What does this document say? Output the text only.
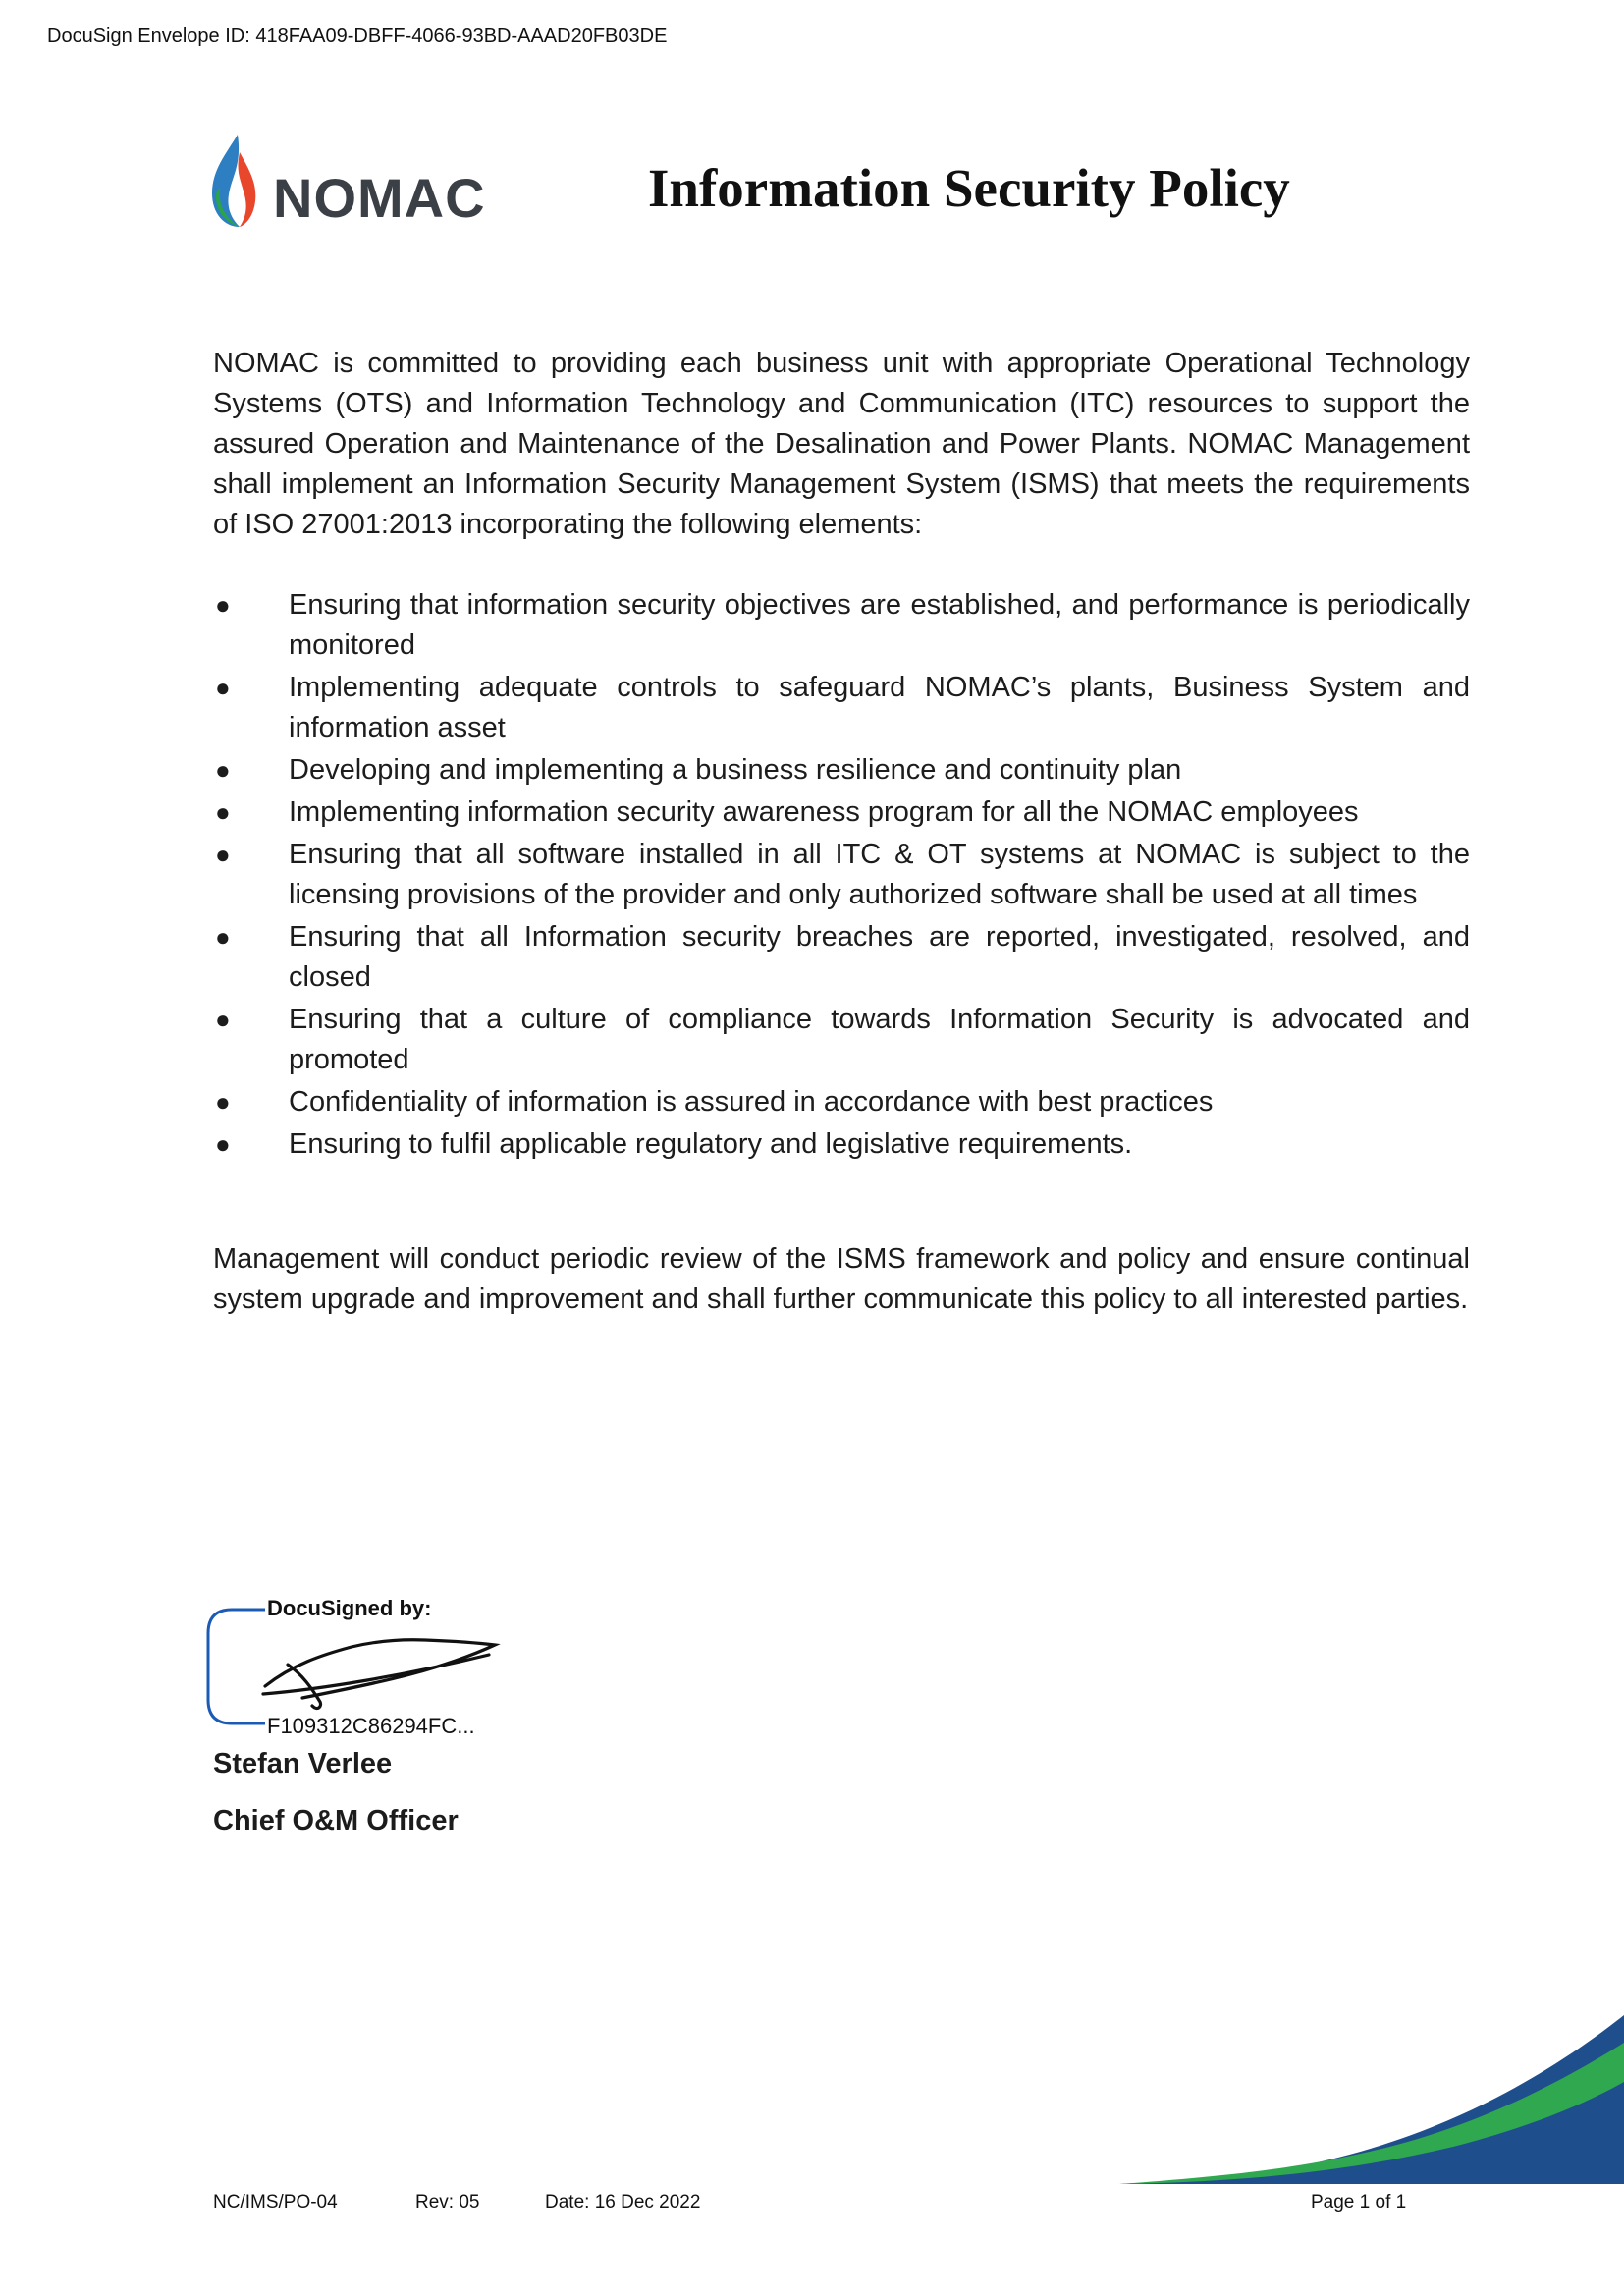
DocuSign Envelope ID: 418FAA09-DBFF-4066-93BD-AAAD20FB03DE
NOMAC	Information Security Policy

NOMAC is committed to providing each business unit with appropriate Operational Technology Systems (OTS) and Information Technology and Communication (ITC) resources to support the assured Operation and Maintenance of the Desalination and Power Plants. NOMAC Management shall implement an Information Security Management System (ISMS) that meets the requirements of ISO 27001:2013 incorporating the following elements:

● Ensuring that information security objectives are established, and performance is periodically monitored
● Implementing adequate controls to safeguard NOMAC’s plants, Business System and information asset
● Developing and implementing a business resilience and continuity plan
● Implementing information security awareness program for all the NOMAC employees
● Ensuring that all software installed in all ITC & OT systems at NOMAC is subject to the licensing provisions of the provider and only authorized software shall be used at all times
● Ensuring that all Information security breaches are reported, investigated, resolved, and closed
● Ensuring that a culture of compliance towards Information Security is advocated and promoted
● Confidentiality of information is assured in accordance with best practices
● Ensuring to fulfil applicable regulatory and legislative requirements.

Management will conduct periodic review of the ISMS framework and policy and ensure continual system upgrade and improvement and shall further communicate this policy to all interested parties.

DocuSigned by:
F109312C86294FC...
Stefan Verlee
Chief O&M Officer
NC/IMS/PO-04	Rev: 05	Date: 16 Dec 2022	Page 1 of 1
